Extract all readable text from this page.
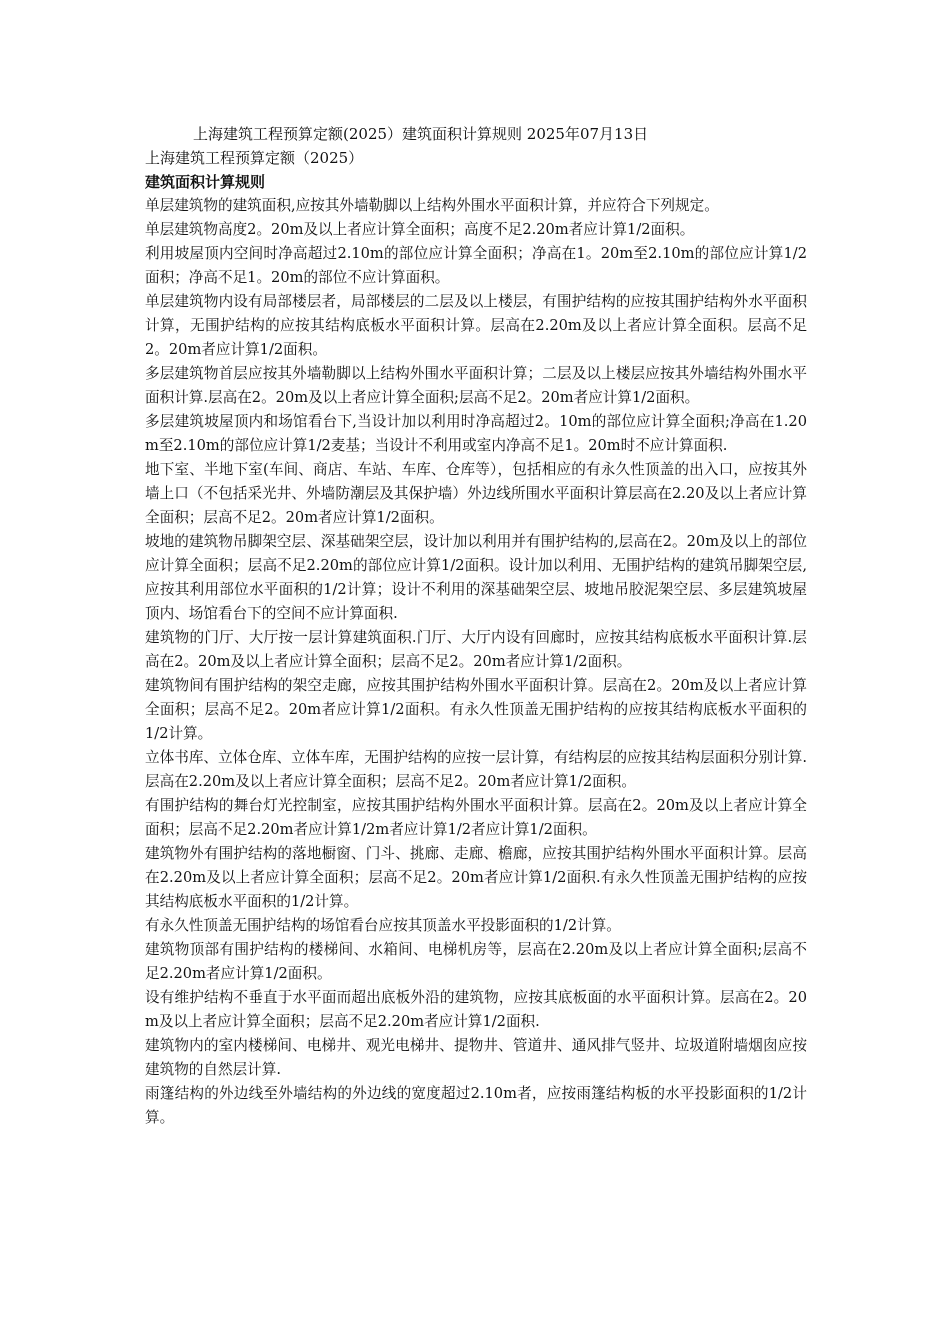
上海建筑工程预算定额(2025）建筑面积计算规则 2025年07月13日

上海建筑工程预算定额（2025）

建筑面积计算规则

单层建筑物的建筑面积,应按其外墙勒脚以上结构外围水平面积计算，并应符合下列规定。

单层建筑物高度2。20m及以上者应计算全面积；高度不足2.20m者应计算1/2面积。

利用坡屋顶内空间时净高超过2.10m的部位应计算全面积；净高在1。20m至2.10m的部位应计算1/2面积；净高不足1。20m的部位不应计算面积。

单层建筑物内设有局部楼层者，局部楼层的二层及以上楼层，有围护结构的应按其围护结构外水平面积计算，无围护结构的应按其结构底板水平面积计算。层高在2.20m及以上者应计算全面积。层高不足2。20m者应计算1/2面积。

多层建筑物首层应按其外墙勒脚以上结构外围水平面积计算；二层及以上楼层应按其外墙结构外围水平面积计算.层高在2。20m及以上者应计算全面积;层高不足2。20m者应计算1/2面积。

多层建筑坡屋顶内和场馆看台下,当设计加以利用时净高超过2。10m的部位应计算全面积;净高在1.20m至2.10m的部位应计算1/2麦基；当设计不利用或室内净高不足1。20m时不应计算面积.

地下室、半地下室(车间、商店、车站、车库、仓库等），包括相应的有永久性顶盖的出入口，应按其外墙上口（不包括采光井、外墙防潮层及其保护墙）外边线所围水平面积计算层高在2.20及以上者应计算全面积；层高不足2。20m者应计算1/2面积。

坡地的建筑物吊脚架空层、深基础架空层，设计加以利用并有围护结构的,层高在2。20m及以上的部位应计算全面积；层高不足2.20m的部位应计算1/2面积。设计加以利用、无围护结构的建筑吊脚架空层,应按其利用部位水平面积的1/2计算；设计不利用的深基础架空层、坡地吊胶泥架空层、多层建筑坡屋顶内、场馆看台下的空间不应计算面积.

建筑物的门厅、大厅按一层计算建筑面积.门厅、大厅内设有回廊时，应按其结构底板水平面积计算.层高在2。20m及以上者应计算全面积；层高不足2。20m者应计算1/2面积。

建筑物间有围护结构的架空走廊，应按其围护结构外围水平面积计算。层高在2。20m及以上者应计算全面积；层高不足2。20m者应计算1/2面积。有永久性顶盖无围护结构的应按其结构底板水平面积的1/2计算。

立体书库、立体仓库、立体车库，无围护结构的应按一层计算，有结构层的应按其结构层面积分别计算.层高在2.20m及以上者应计算全面积；层高不足2。20m者应计算1/2面积。

有围护结构的舞台灯光控制室，应按其围护结构外围水平面积计算。层高在2。20m及以上者应计算全面积；层高不足2.20m者应计算1/2m者应计算1/2者应计算1/2面积。

建筑物外有围护结构的落地橱窗、门斗、挑廊、走廊、檐廊，应按其围护结构外围水平面积计算。层高在2.20m及以上者应计算全面积；层高不足2。20m者应计算1/2面积.有永久性顶盖无围护结构的应按其结构底板水平面积的1/2计算。

有永久性顶盖无围护结构的场馆看台应按其顶盖水平投影面积的1/2计算。

建筑物顶部有围护结构的楼梯间、水箱间、电梯机房等，层高在2.20m及以上者应计算全面积;层高不足2.20m者应计算1/2面积。

设有维护结构不垂直于水平面而超出底板外沿的建筑物，应按其底板面的水平面积计算。层高在2。20m及以上者应计算全面积；层高不足2.20m者应计算1/2面积.

建筑物内的室内楼梯间、电梯井、观光电梯井、提物井、管道井、通风排气竖井、垃圾道附墙烟囱应按建筑物的自然层计算.

雨篷结构的外边线至外墙结构的外边线的宽度超过2.10m者，应按雨篷结构板的水平投影面积的1/2计算。
